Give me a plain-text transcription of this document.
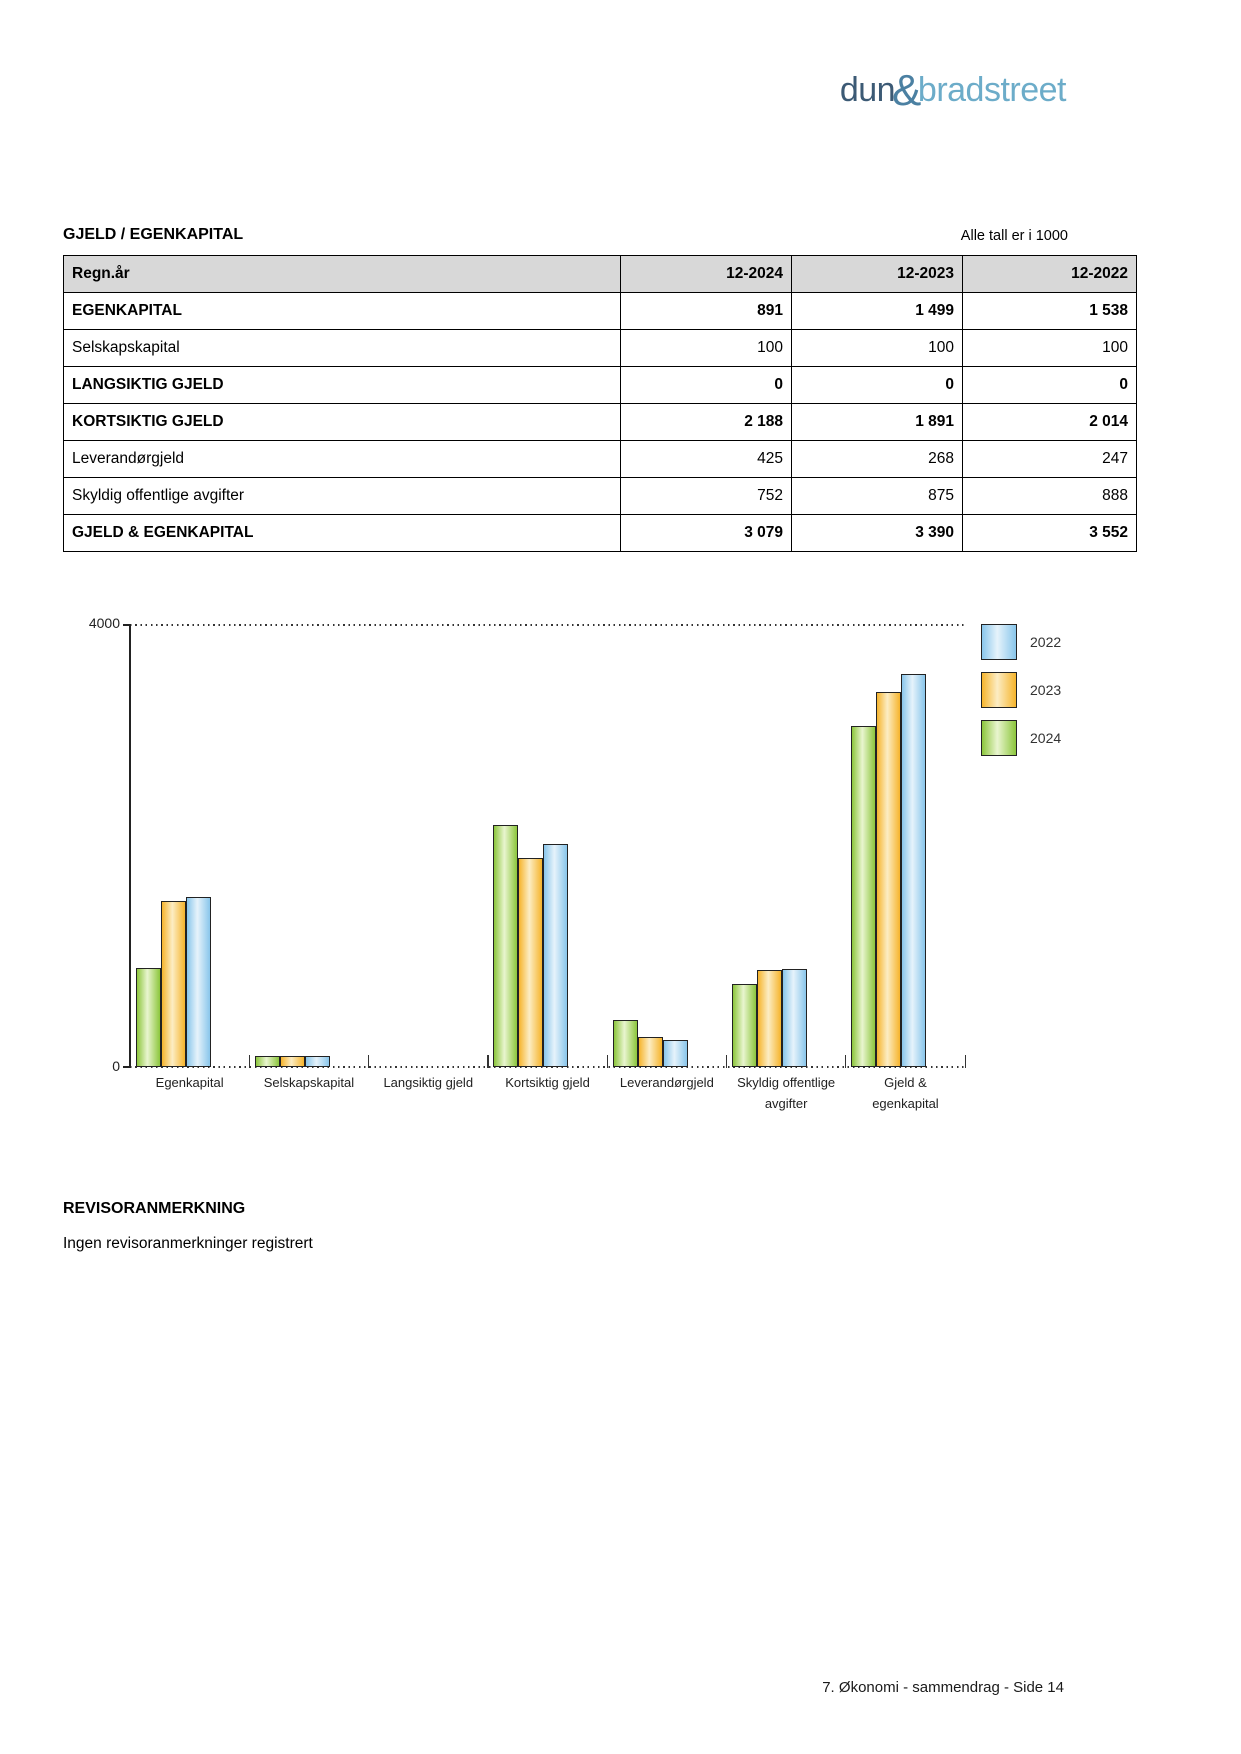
dun&bradstreet
GJELD / EGENKAPITAL	Alle tall er i 1000
Regn.år	12-2024	12-2023	12-2022
EGENKAPITAL	891	1 499	1 538
Selskapskapital	100	100	100
LANGSIKTIG GJELD	0	0	0
KORTSIKTIG GJELD	2 188	1 891	2 014
Leverandørgjeld	425	268	247
Skyldig offentlige avgifter	752	875	888
GJELD & EGENKAPITAL	3 079	3 390	3 552
4000
0
Egenkapital	Selskapskapital	Langsiktig gjeld	Kortsiktig gjeld	Leverandørgjeld	Skyldig offentlige
avgifter
Gjeld &
egenkapital
2022
2023
2024
REVISORANMERKNING
Ingen revisoranmerkninger registrert
7. Økonomi - sammendrag - Side 14
